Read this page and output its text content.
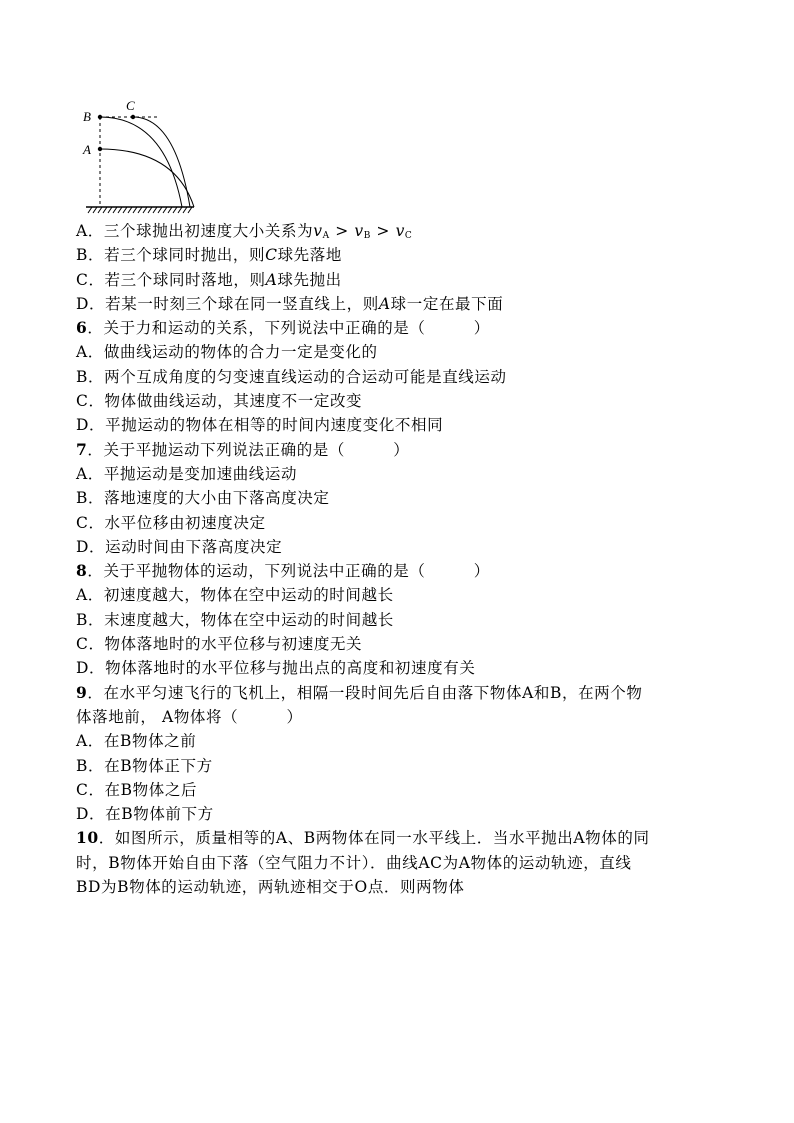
B
C
A
A．三个球抛出初速度大小关系为$v_A > v_B > v_C$
B．若三个球同时抛出，则C球先落地
C．若三个球同时落地，则A球先抛出
D．若某一时刻三个球在同一竖直线上，则A球一定在最下面
6．关于力和运动的关系，下列说法中正确的是（　　　）
A．做曲线运动的物体的合力一定是变化的
B．两个互成角度的匀变速直线运动的合运动可能是直线运动
C．物体做曲线运动，其速度不一定改变
D．平抛运动的物体在相等的时间内速度变化不相同
7．关于平抛运动下列说法正确的是（　　　）
A．平抛运动是变加速曲线运动
B．落地速度的大小由下落高度决定
C．水平位移由初速度决定
D．运动时间由下落高度决定
8．关于平抛物体的运动，下列说法中正确的是（　　　）
A．初速度越大，物体在空中运动的时间越长
B．末速度越大，物体在空中运动的时间越长
C．物体落地时的水平位移与初速度无关
D．物体落地时的水平位移与抛出点的高度和初速度有关
9．在水平匀速飞行的飞机上，相隔一段时间先后自由落下物体A和B，在两个物
体落地前， A物体将（　　　）
A．在B物体之前
B．在B物体正下方
C．在B物体之后
D．在B物体前下方
10．如图所示，质量相等的A、B两物体在同一水平线上．当水平抛出A物体的同
时，B物体开始自由下落（空气阻力不计）．曲线AC为A物体的运动轨迹，直线
BD为B物体的运动轨迹，两轨迹相交于O点．则两物体
